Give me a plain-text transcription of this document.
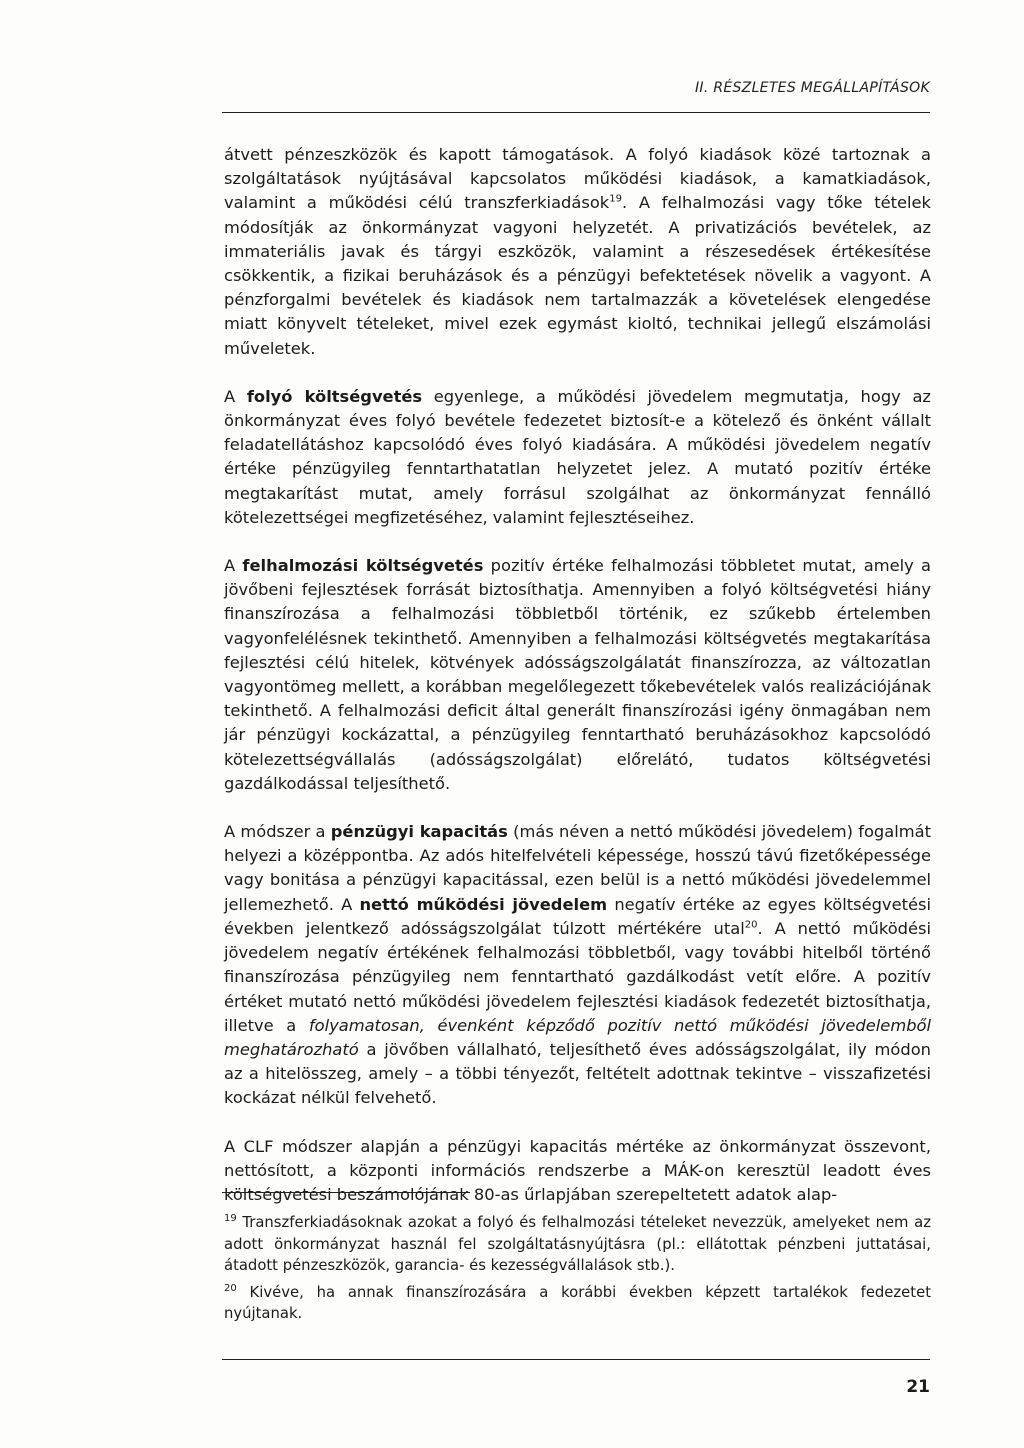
II. RÉSZLETES MEGÁLLAPÍTÁSOK

átvett pénzeszközök és kapott támogatások. A folyó kiadások közé tartoznak a szolgáltatások nyújtásával kapcsolatos működési kiadások, a kamatkiadások, valamint a működési célú transzferkiadások$^{19}$. A felhalmozási vagy tőke tételek módosítják az önkormányzat vagyoni helyzetét. A privatizációs bevételek, az immateriális javak és tárgyi eszközök, valamint a részesedések értékesítése csökkentik, a fizikai beruházások és a pénzügyi befektetések növelik a vagyont. A pénzforgalmi bevételek és kiadások nem tartalmazzák a követelések elengedése miatt könyvelt tételeket, mivel ezek egymást kioltó, technikai jellegű elszámolási műveletek.

A folyó költségvetés egyenlege, a működési jövedelem megmutatja, hogy az önkormányzat éves folyó bevétele fedezetet biztosít-e a kötelező és önként vállalt feladatellátáshoz kapcsolódó éves folyó kiadására. A működési jövedelem negatív értéke pénzügyileg fenntarthatatlan helyzetet jelez. A mutató pozitív értéke megtakarítást mutat, amely forrásul szolgálhat az önkormányzat fennálló kötelezettségei megfizetéséhez, valamint fejlesztéseihez.

A felhalmozási költségvetés pozitív értéke felhalmozási többletet mutat, amely a jövőbeni fejlesztések forrását biztosíthatja. Amennyiben a folyó költségvetési hiány finanszírozása a felhalmozási többletből történik, ez szűkebb értelemben vagyonfelélésnek tekinthető. Amennyiben a felhalmozási költségvetés megtakarítása fejlesztési célú hitelek, kötvények adósságszolgálatát finanszírozza, az változatlan vagyontömeg mellett, a korábban megelőlegezett tőkebevételek valós realizációjának tekinthető. A felhalmozási deficit által generált finanszírozási igény önmagában nem jár pénzügyi kockázattal, a pénzügyileg fenntartható beruházásokhoz kapcsolódó kötelezettségvállalás (adósságszolgálat) előrelátó, tudatos költségvetési gazdálkodással teljesíthető.

A módszer a pénzügyi kapacitás (más néven a nettó működési jövedelem) fogalmát helyezi a középpontba. Az adós hitelfelvételi képessége, hosszú távú fizetőképessége vagy bonitása a pénzügyi kapacitással, ezen belül is a nettó működési jövedelemmel jellemezhető. A nettó működési jövedelem negatív értéke az egyes költségvetési években jelentkező adósságszolgálat túlzott mértékére utal$^{20}$. A nettó működési jövedelem negatív értékének felhalmozási többletből, vagy további hitelből történő finanszírozása pénzügyileg nem fenntartható gazdálkodást vetít előre. A pozitív értéket mutató nettó működési jövedelem fejlesztési kiadások fedezetét biztosíthatja, illetve a folyamatosan, évenként képződő pozitív nettó működési jövedelemből meghatározható a jövőben vállalható, teljesíthető éves adósságszolgálat, ily módon az a hitelösszeg, amely – a többi tényezőt, feltételt adottnak tekintve – visszafizetési kockázat nélkül felvehető.

A CLF módszer alapján a pénzügyi kapacitás mértéke az önkormányzat összevont, nettósított, a központi információs rendszerbe a MÁK-on keresztül leadott éves költségvetési beszámolójának 80-as űrlapjában szerepeltetett adatok alap-

$^{19}$ Transzferkiadásoknak azokat a folyó és felhalmozási tételeket nevezzük, amelyeket nem az adott önkormányzat használ fel szolgáltatásnyújtásra (pl.: ellátottak pénzbeni juttatásai, átadott pénzeszközök, garancia- és kezességvállalások stb.).

$^{20}$ Kivéve, ha annak finanszírozására a korábbi években képzett tartalékok fedezetet nyújtanak.

21
